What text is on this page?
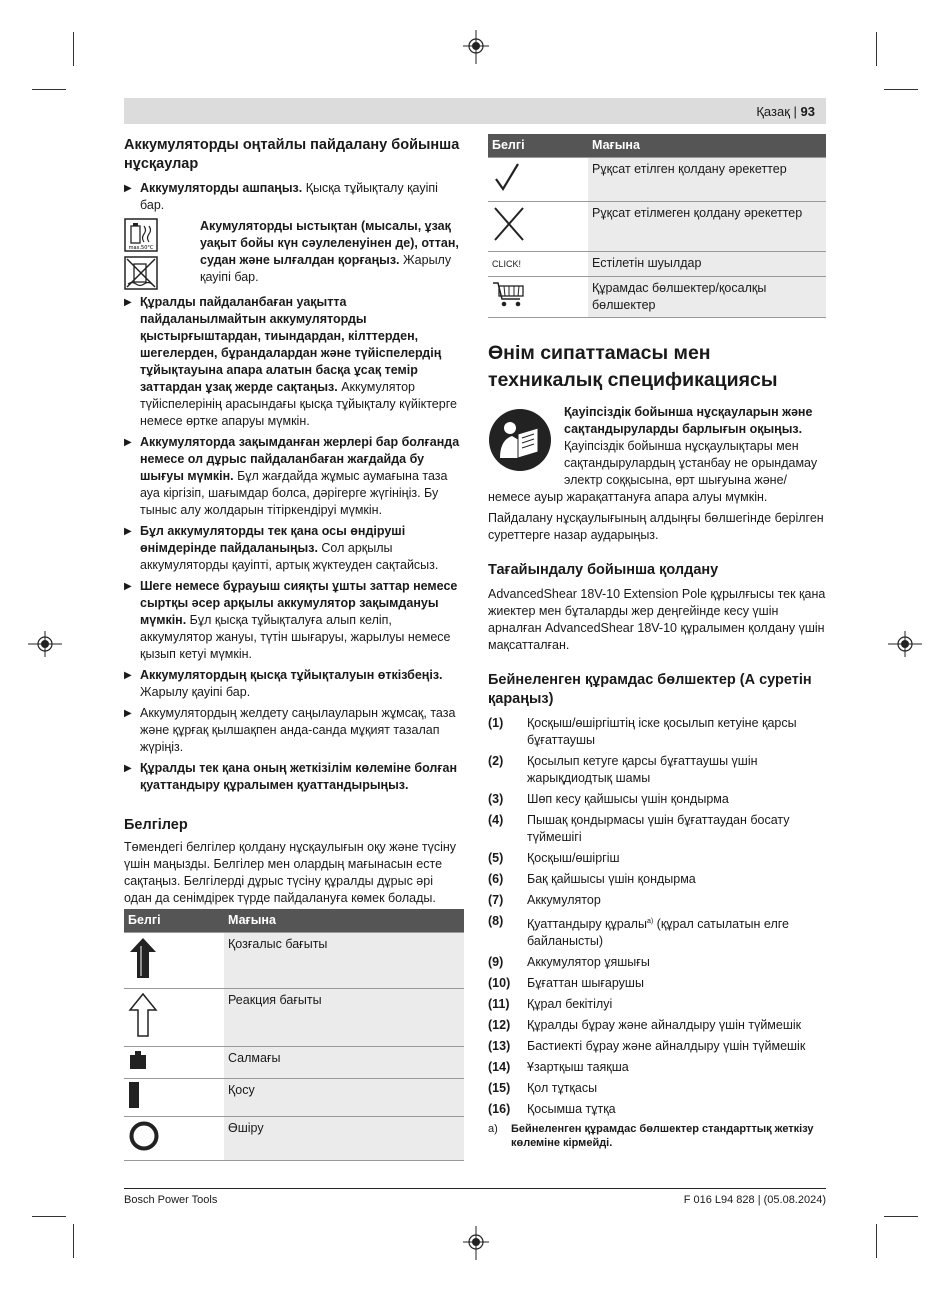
Қазақ | 93
Аккумуляторды оңтайлы пайдалану бойынша нұсқаулар
▶ Аккумуляторды ашпаңыз. Қысқа тұйықталу қауіпі бар.
max.50°C
Акумуляторды ыстықтан (мысалы, ұзақ уақыт бойы күн сәулеленуінен де), оттан, судан және ылғалдан қорғаңыз. Жарылу қауіпі бар.
▶ Құралды пайдаланбаған уақытта пайдаланылмайтын аккумуляторды қыстырғыштардан, тиындардан, кілттерден, шегелерден, бұрандалардан және түйіспелердің тұйықтауына апара алатын басқа ұсақ темір заттардан ұзақ жерде сақтаңыз. Аккумулятор түйіспелерінің арасындағы қысқа тұйықталу күйіктерге немесе өртке апаруы мүмкін.
▶ Аккумуляторда зақымданған жерлері бар болғанда немесе ол дұрыс пайдаланбаған жағдайда бу шығуы мүмкін. Бұл жағдайда жұмыс аумағына таза ауа кіргізіп, шағымдар болса, дәрігерге жүгініңіз. Бу тыныс алу жолдарын тітіркендіруі мүмкін.
▶ Бұл аккумуляторды тек қана осы өндіруші өнімдерінде пайдаланыңыз. Сол арқылы аккумуляторды қауіпті, артық жүктеуден сақтайсыз.
▶ Шеге немесе бұрауыш сияқты ұшты заттар немесе сыртқы әсер арқылы аккумулятор зақымдануы мүмкін. Бұл қысқа тұйықталуға алып келіп, аккумулятор жануы, түтін шығаруы, жарылуы немесе қызып кетуі мүмкін.
▶ Аккумулятордың қысқа тұйықталуын өткізбеңіз. Жарылу қауіпі бар.
▶ Аккумулятордың желдету саңылауларын жұмсақ, таза және құрғақ қылшақпен анда-санда мұқият тазалап жүріңіз.
▶ Құралды тек қана оның жеткізілім көлеміне болған қуаттандыру құралымен қуаттандырыңыз.
Белгілер

Төмендегі белгілер қолдану нұсқаулығын оқу және түсіну үшін маңызды. Белгілер мен олардың мағынасын есте сақтаңыз. Белгілерді дұрыс түсіну құралды дұрыс әрі одан да сенімдірек түрде пайдалануға көмек болады.

Белгі	Мағына
	Қозғалыс бағыты
	Реакция бағыты
	Салмағы
	Қосу
	Өшіру
Белгі	Мағына
	Рұқсат етілген қолдану әрекеттер
	Рұқсат етілмеген қолдану әрекеттер
CLICK!	Естілетін шуылдар
	Құрамдас бөлшектер/қосалқы бөлшектер
Өнім сипаттамасы мен техникалық спецификациясы

Қауіпсіздік бойынша нұсқауларын және сақтандыруларды барлығын оқыңыз. Қауіпсіздік бойынша нұсқаулықтары мен сақтандырулардың ұстанбау не орындамау электр соққысына, өрт шығуына және/ немесе ауыр жарақаттануға апара алуы мүмкін.

Пайдалану нұсқаулығының алдыңғы бөлшегінде берілген суреттерге назар аударыңыз.

Тағайындалу бойынша қолдану

AdvancedShear 18V-10 Extension Pole құрылғысы тек қана жиектер мен бұталарды жер деңгейінде кесу үшін арналған AdvancedShear 18V-10 құралымен қолдану үшін мақсатталған.

Бейнеленген құрамдас бөлшектер (А суретін қараңыз)
(1)	Қосқыш/өшіргіштің іске қосылып кетуіне қарсы бұғаттаушы
(2)	Қосылып кетуге қарсы бұғаттаушы үшін жарықдиодтық шамы
(3)	Шөп кесу қайшысы үшін қондырма
(4)	Пышақ қондырмасы үшін бұғаттаудан босату түймешігі
(5)	Қосқыш/өшіргіш
(6)	Бақ қайшысы үшін қондырма
(7)	Аккумулятор
(8)	Қуаттандыру құралы$^{a)}$ (құрал сатылатын елге байланысты)
(9)	Аккумулятор ұяшығы
(10)	Бұғаттан шығарушы
(11)	Құрал бекітілуі
(12)	Құралды бұрау және айналдыру үшін түймешік
(13)	Бастиекті бұрау және айналдыру үшін түймешік
(14)	Ұзартқыш таяқша
(15)	Қол тұтқасы
(16)	Қосымша тұтқа
a)	Бейнеленген құрамдас бөлшектер стандарттық жеткізу көлеміне кірмейді.
Bosch Power Tools	F 016 L94 828 | (05.08.2024)
